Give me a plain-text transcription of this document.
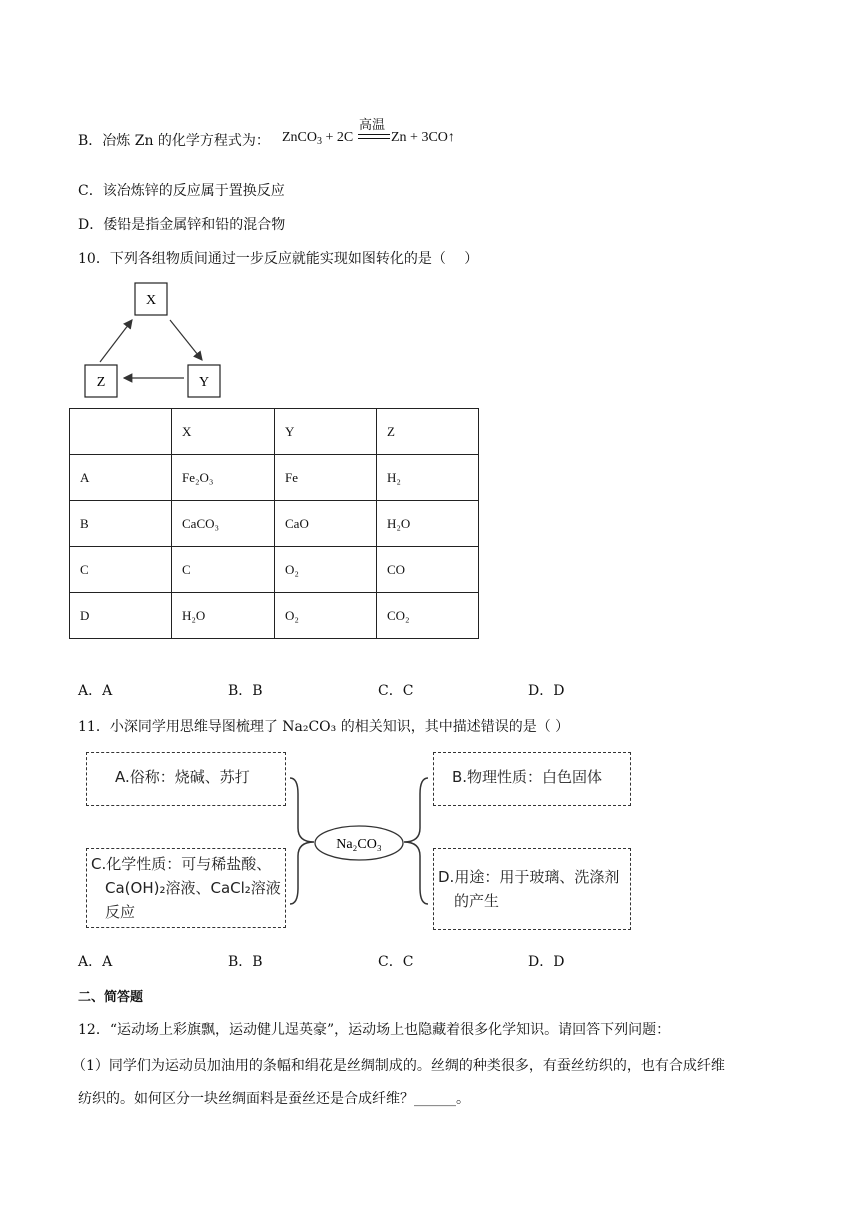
B．冶炼 Zn 的化学方程式为： ZnCO$_3$ + 2C
高温
Zn + 3CO↑
C．该冶炼锌的反应属于置换反应
D．倭铅是指金属锌和铅的混合物
10．下列各组物质间通过一步反应就能实现如图转化的是（　 ）
X
Z	Y
	X	Y	Z
A	Fe₂O₃	Fe	H₂
B	CaCO₃	CaO	H₂O
C	C	O₂	CO
D	H₂O	O₂	CO₂
A．A	B．B	C．C	D．D
11．小深同学用思维导图梳理了 Na₂CO₃ 的相关知识，其中描述错误的是（ ）
A.俗称：烧碱、苏打	B.物理性质：白色固体
C.化学性质：可与稀盐酸、
Ca(OH)₂溶液、CaCl₂溶液
反应
D.用途：用于玻璃、洗涤剂
的产生
Na₂CO₃
A．A	B．B	C．C	D．D
二、简答题
12．“运动场上彩旗飘，运动健儿逞英豪”，运动场上也隐藏着很多化学知识。请回答下列问题：
（1）同学们为运动员加油用的条幅和绢花是丝绸制成的。丝绸的种类很多，有蚕丝纺织的，也有合成纤维
纺织的。如何区分一块丝绸面料是蚕丝还是合成纤维？______。
